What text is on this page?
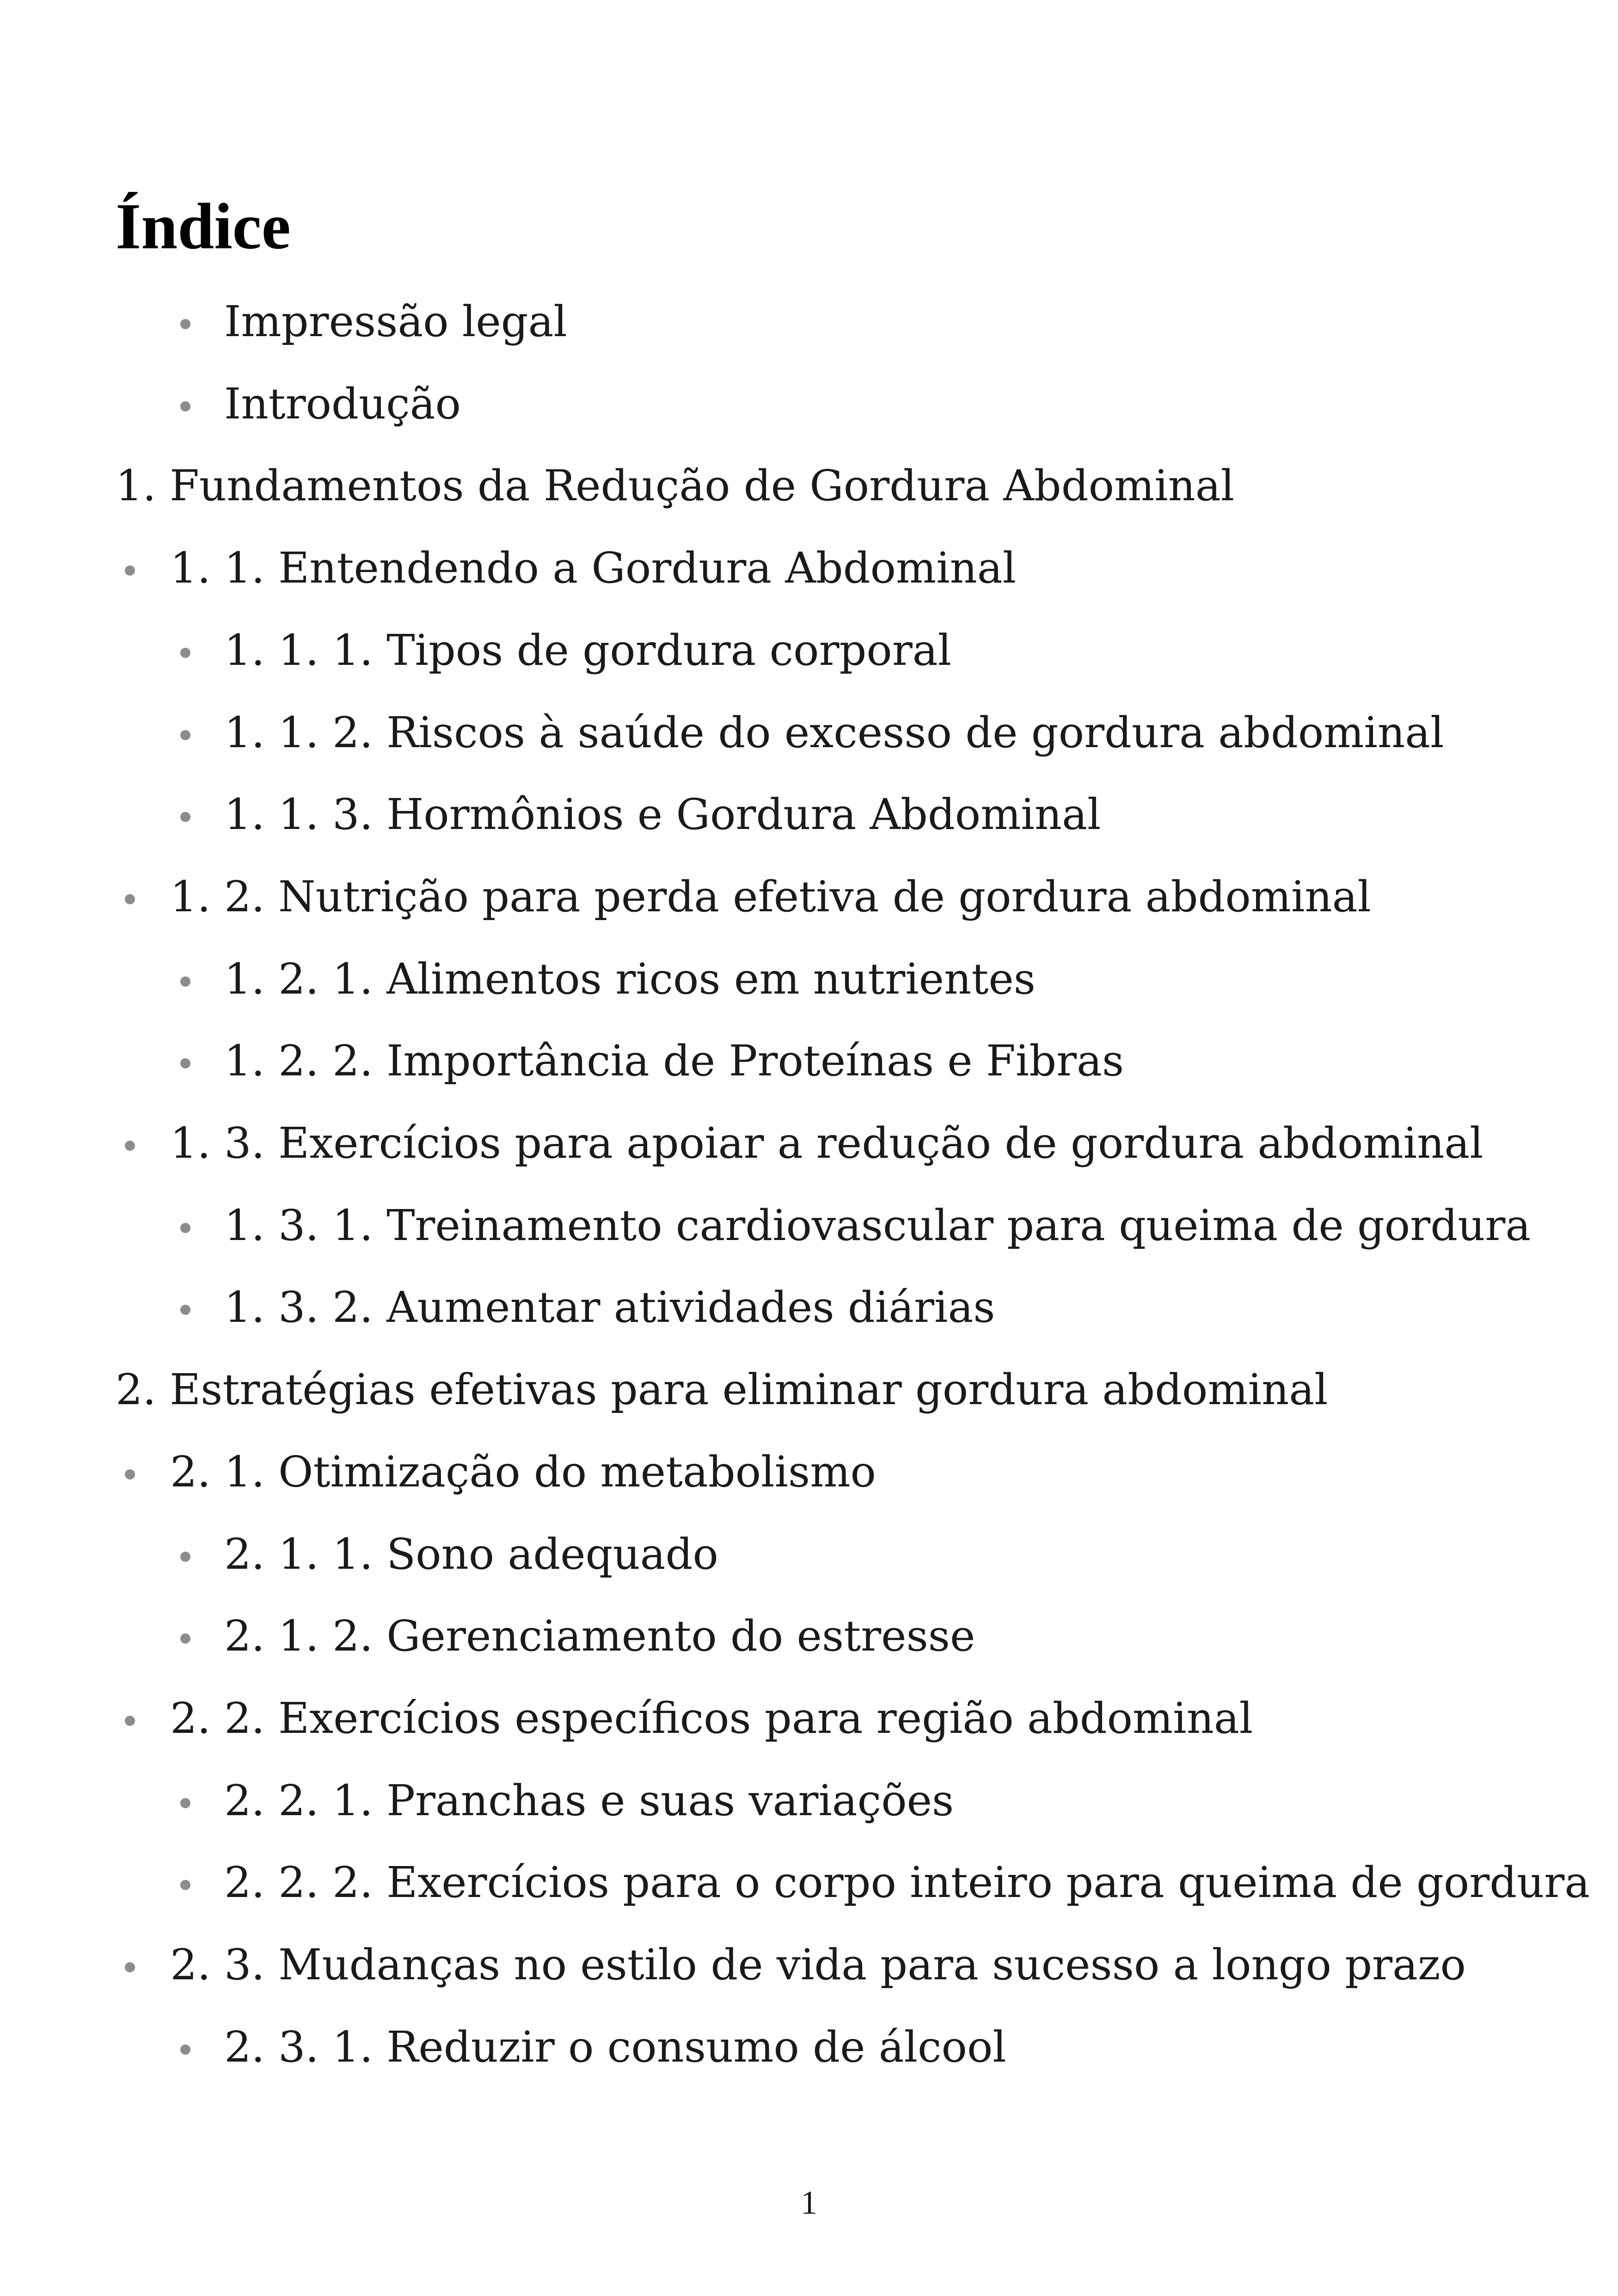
Índice
Impressão legal
Introdução
1. Fundamentos da Redução de Gordura Abdominal
1. 1. Entendendo a Gordura Abdominal
1. 1. 1. Tipos de gordura corporal
1. 1. 2. Riscos à saúde do excesso de gordura abdominal
1. 1. 3. Hormônios e Gordura Abdominal
1. 2. Nutrição para perda efetiva de gordura abdominal
1. 2. 1. Alimentos ricos em nutrientes
1. 2. 2. Importância de Proteínas e Fibras
1. 3. Exercícios para apoiar a redução de gordura abdominal
1. 3. 1. Treinamento cardiovascular para queima de gordura
1. 3. 2. Aumentar atividades diárias
2. Estratégias efetivas para eliminar gordura abdominal
2. 1. Otimização do metabolismo
2. 1. 1. Sono adequado
2. 1. 2. Gerenciamento do estresse
2. 2. Exercícios específicos para região abdominal
2. 2. 1. Pranchas e suas variações
2. 2. 2. Exercícios para o corpo inteiro para queima de gordura
2. 3. Mudanças no estilo de vida para sucesso a longo prazo
2. 3. 1. Reduzir o consumo de álcool
1
